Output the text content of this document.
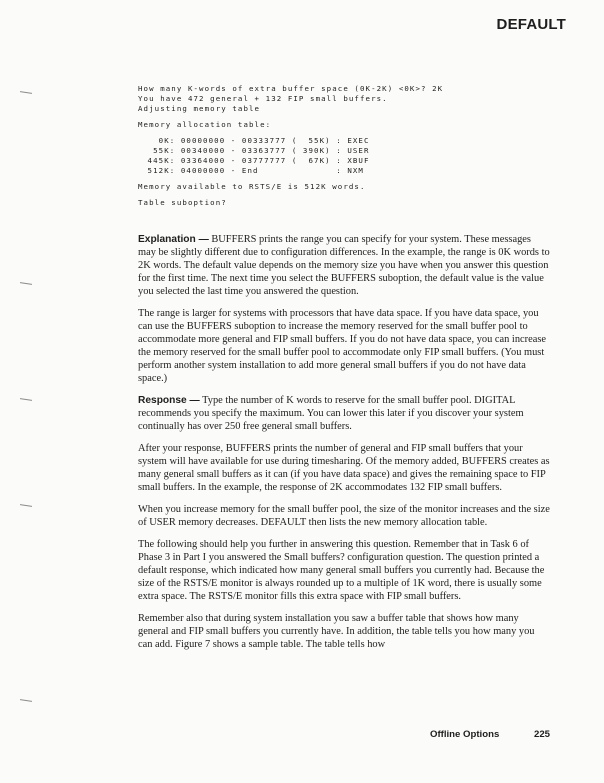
DEFAULT
How many K-words of extra buffer space (0K-2K) <0K>? 2K
You have 472 general + 132 FIP small buffers.
Adjusting memory table
Memory allocation table:
0K: 00000000 - 00333777 (  55K) : EXEC
55K: 00340000 - 03363777 ( 390K) : USER
445K: 03364000 - 03777777 (  67K) : XBUF
512K: 04000000 - End              : NXM
Memory available to RSTS/E is 512K words.
Table suboption?

Explanation — BUFFERS prints the range you can specify for your system. These messages may be slightly different due to configuration differences. In the example, the range is 0K words to 2K words. The default value depends on the memory size you have when you answer this question for the first time. The next time you select the BUFFERS suboption, the default value is the value you selected the last time you answered the question.

The range is larger for systems with processors that have data space. If you have data space, you can use the BUFFERS suboption to increase the memory reserved for the small buffer pool to accommodate more general and FIP small buffers. If you do not have data space, you can increase the memory reserved for the small buffer pool to accommodate only FIP small buffers. (You must perform another system installation to add more general small buffers if you do not have data space.)

Response — Type the number of K words to reserve for the small buffer pool. DIGITAL recommends you specify the maximum. You can lower this later if you discover your system continually has over 250 free general small buffers.

After your response, BUFFERS prints the number of general and FIP small buffers that your system will have available for use during timesharing. Of the memory added, BUFFERS creates as many general small buffers as it can (if you have data space) and gives the remaining space to FIP small buffers. In the example, the response of 2K accommodates 132 FIP small buffers.

When you increase memory for the small buffer pool, the size of the monitor increases and the size of USER memory decreases. DEFAULT then lists the new memory allocation table.

The following should help you further in answering this question. Remember that in Task 6 of Phase 3 in Part I you answered the Small buffers? configuration question. The question printed a default response, which indicated how many general small buffers you currently had. Because the size of the RSTS/E monitor is always rounded up to a multiple of 1K word, there is usually some extra space. The RSTS/E monitor fills this extra space with FIP small buffers.

Remember also that during system installation you saw a buffer table that shows how many general and FIP small buffers you currently have. In addition, the table tells you how many you can add. Figure 7 shows a sample table. The table tells how

Offline Options	225
